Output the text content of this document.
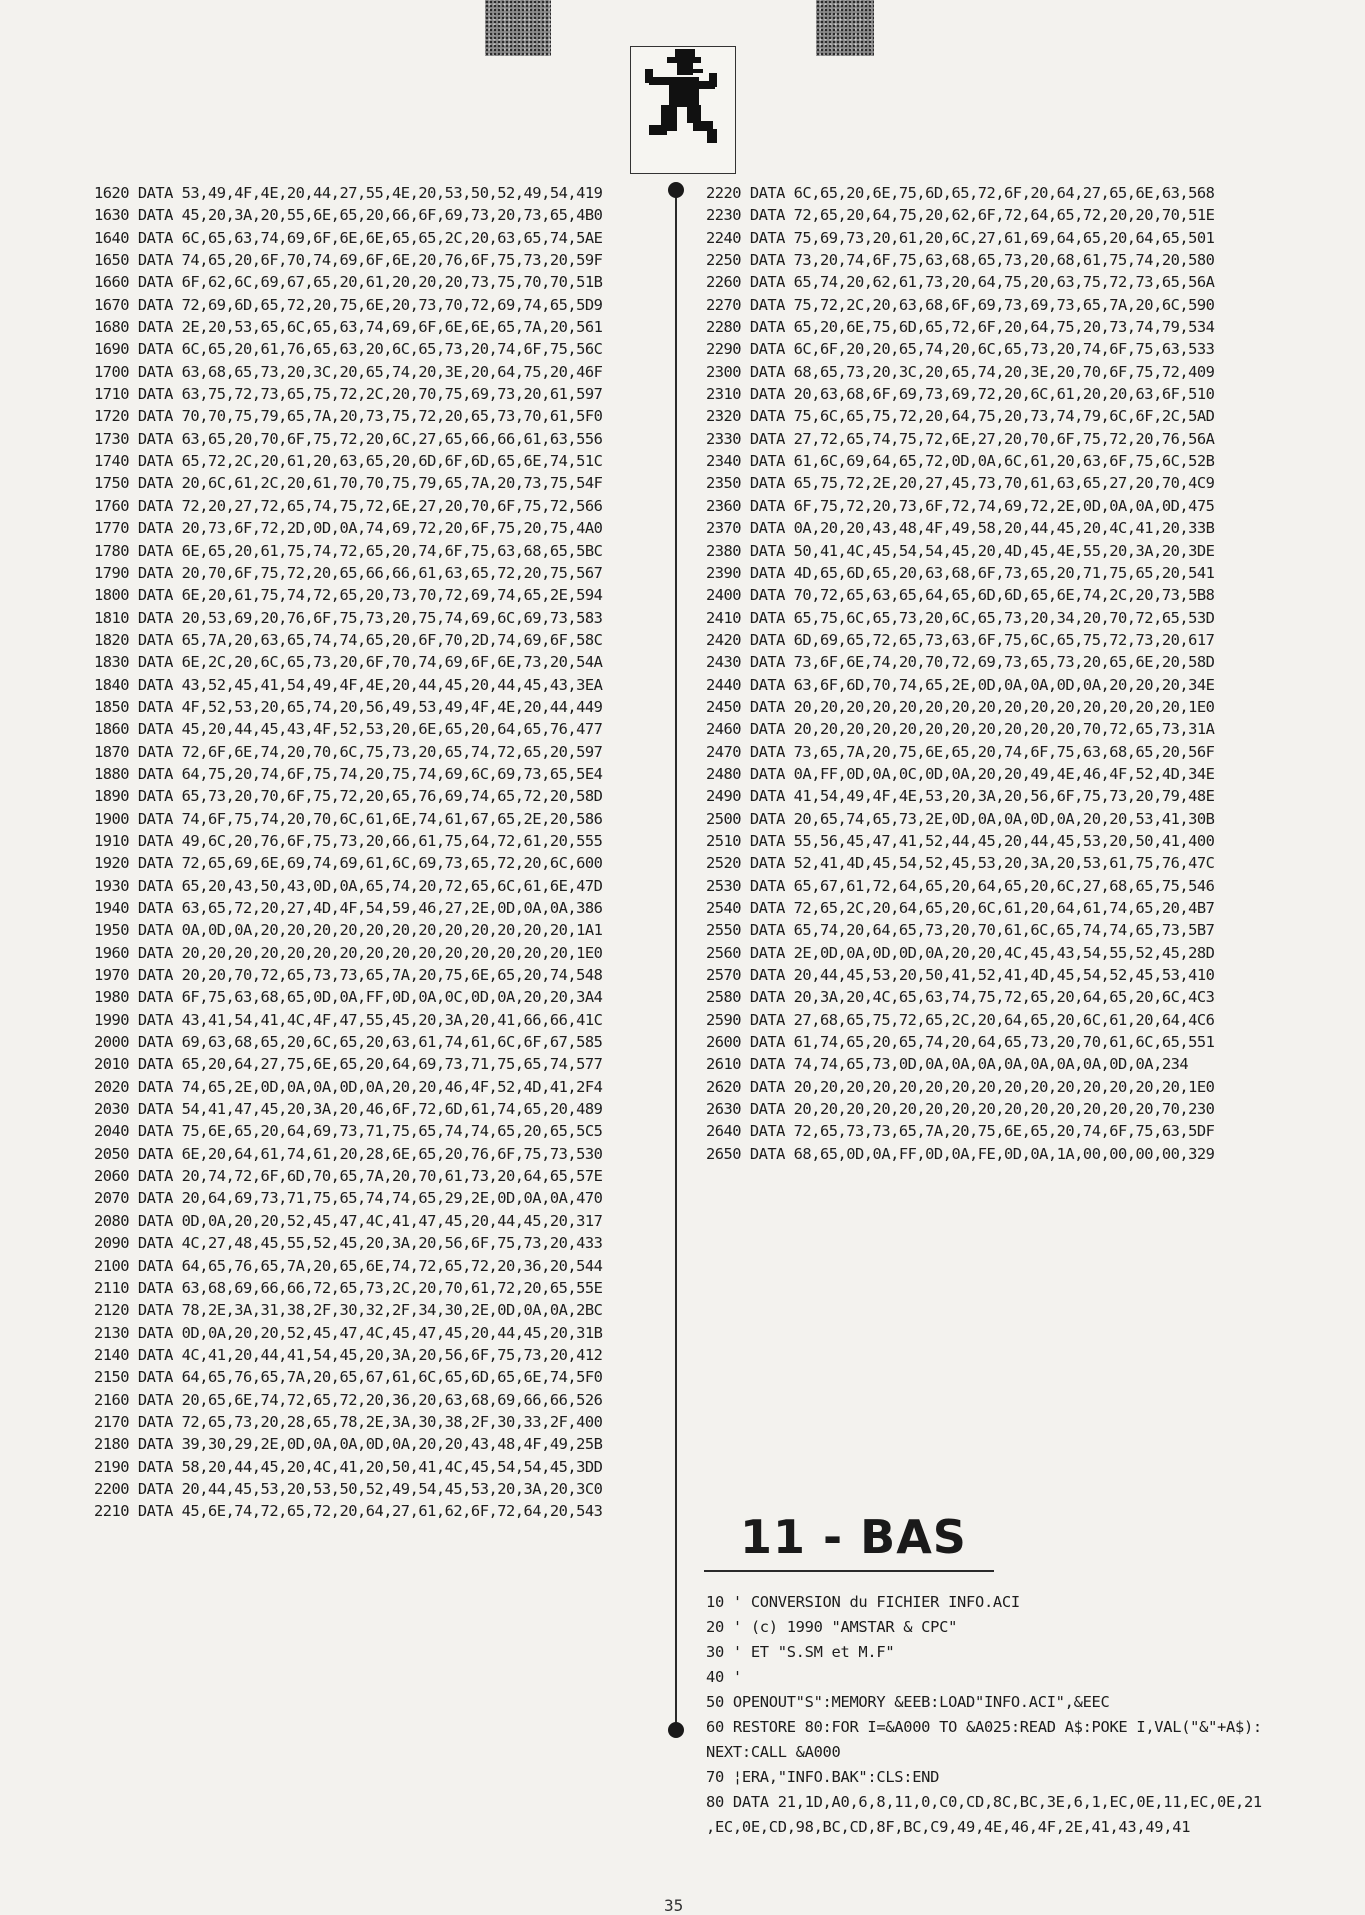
1620 DATA 53,49,4F,4E,20,44,27,55,4E,20,53,50,52,49,54,419
1630 DATA 45,20,3A,20,55,6E,65,20,66,6F,69,73,20,73,65,4B0
1640 DATA 6C,65,63,74,69,6F,6E,6E,65,65,2C,20,63,65,74,5AE
1650 DATA 74,65,20,6F,70,74,69,6F,6E,20,76,6F,75,73,20,59F
1660 DATA 6F,62,6C,69,67,65,20,61,20,20,20,73,75,70,70,51B
1670 DATA 72,69,6D,65,72,20,75,6E,20,73,70,72,69,74,65,5D9
1680 DATA 2E,20,53,65,6C,65,63,74,69,6F,6E,6E,65,7A,20,561
1690 DATA 6C,65,20,61,76,65,63,20,6C,65,73,20,74,6F,75,56C
1700 DATA 63,68,65,73,20,3C,20,65,74,20,3E,20,64,75,20,46F
1710 DATA 63,75,72,73,65,75,72,2C,20,70,75,69,73,20,61,597
1720 DATA 70,70,75,79,65,7A,20,73,75,72,20,65,73,70,61,5F0
1730 DATA 63,65,20,70,6F,75,72,20,6C,27,65,66,66,61,63,556
1740 DATA 65,72,2C,20,61,20,63,65,20,6D,6F,6D,65,6E,74,51C
1750 DATA 20,6C,61,2C,20,61,70,70,75,79,65,7A,20,73,75,54F
1760 DATA 72,20,27,72,65,74,75,72,6E,27,20,70,6F,75,72,566
1770 DATA 20,73,6F,72,2D,0D,0A,74,69,72,20,6F,75,20,75,4A0
1780 DATA 6E,65,20,61,75,74,72,65,20,74,6F,75,63,68,65,5BC
1790 DATA 20,70,6F,75,72,20,65,66,66,61,63,65,72,20,75,567
1800 DATA 6E,20,61,75,74,72,65,20,73,70,72,69,74,65,2E,594
1810 DATA 20,53,69,20,76,6F,75,73,20,75,74,69,6C,69,73,583
1820 DATA 65,7A,20,63,65,74,74,65,20,6F,70,2D,74,69,6F,58C
1830 DATA 6E,2C,20,6C,65,73,20,6F,70,74,69,6F,6E,73,20,54A
1840 DATA 43,52,45,41,54,49,4F,4E,20,44,45,20,44,45,43,3EA
1850 DATA 4F,52,53,20,65,74,20,56,49,53,49,4F,4E,20,44,449
1860 DATA 45,20,44,45,43,4F,52,53,20,6E,65,20,64,65,76,477
1870 DATA 72,6F,6E,74,20,70,6C,75,73,20,65,74,72,65,20,597
1880 DATA 64,75,20,74,6F,75,74,20,75,74,69,6C,69,73,65,5E4
1890 DATA 65,73,20,70,6F,75,72,20,65,76,69,74,65,72,20,58D
1900 DATA 74,6F,75,74,20,70,6C,61,6E,74,61,67,65,2E,20,586
1910 DATA 49,6C,20,76,6F,75,73,20,66,61,75,64,72,61,20,555
1920 DATA 72,65,69,6E,69,74,69,61,6C,69,73,65,72,20,6C,600
1930 DATA 65,20,43,50,43,0D,0A,65,74,20,72,65,6C,61,6E,47D
1940 DATA 63,65,72,20,27,4D,4F,54,59,46,27,2E,0D,0A,0A,386
1950 DATA 0A,0D,0A,20,20,20,20,20,20,20,20,20,20,20,20,1A1
1960 DATA 20,20,20,20,20,20,20,20,20,20,20,20,20,20,20,1E0
1970 DATA 20,20,70,72,65,73,73,65,7A,20,75,6E,65,20,74,548
1980 DATA 6F,75,63,68,65,0D,0A,FF,0D,0A,0C,0D,0A,20,20,3A4
1990 DATA 43,41,54,41,4C,4F,47,55,45,20,3A,20,41,66,66,41C
2000 DATA 69,63,68,65,20,6C,65,20,63,61,74,61,6C,6F,67,585
2010 DATA 65,20,64,27,75,6E,65,20,64,69,73,71,75,65,74,577
2020 DATA 74,65,2E,0D,0A,0A,0D,0A,20,20,46,4F,52,4D,41,2F4
2030 DATA 54,41,47,45,20,3A,20,46,6F,72,6D,61,74,65,20,489
2040 DATA 75,6E,65,20,64,69,73,71,75,65,74,74,65,20,65,5C5
2050 DATA 6E,20,64,61,74,61,20,28,6E,65,20,76,6F,75,73,530
2060 DATA 20,74,72,6F,6D,70,65,7A,20,70,61,73,20,64,65,57E
2070 DATA 20,64,69,73,71,75,65,74,74,65,29,2E,0D,0A,0A,470
2080 DATA 0D,0A,20,20,52,45,47,4C,41,47,45,20,44,45,20,317
2090 DATA 4C,27,48,45,55,52,45,20,3A,20,56,6F,75,73,20,433
2100 DATA 64,65,76,65,7A,20,65,6E,74,72,65,72,20,36,20,544
2110 DATA 63,68,69,66,66,72,65,73,2C,20,70,61,72,20,65,55E
2120 DATA 78,2E,3A,31,38,2F,30,32,2F,34,30,2E,0D,0A,0A,2BC
2130 DATA 0D,0A,20,20,52,45,47,4C,45,47,45,20,44,45,20,31B
2140 DATA 4C,41,20,44,41,54,45,20,3A,20,56,6F,75,73,20,412
2150 DATA 64,65,76,65,7A,20,65,67,61,6C,65,6D,65,6E,74,5F0
2160 DATA 20,65,6E,74,72,65,72,20,36,20,63,68,69,66,66,526
2170 DATA 72,65,73,20,28,65,78,2E,3A,30,38,2F,30,33,2F,400
2180 DATA 39,30,29,2E,0D,0A,0A,0D,0A,20,20,43,48,4F,49,25B
2190 DATA 58,20,44,45,20,4C,41,20,50,41,4C,45,54,54,45,3DD
2200 DATA 20,44,45,53,20,53,50,52,49,54,45,53,20,3A,20,3C0
2210 DATA 45,6E,74,72,65,72,20,64,27,61,62,6F,72,64,20,543
2220 DATA 6C,65,20,6E,75,6D,65,72,6F,20,64,27,65,6E,63,568
2230 DATA 72,65,20,64,75,20,62,6F,72,64,65,72,20,20,70,51E
2240 DATA 75,69,73,20,61,20,6C,27,61,69,64,65,20,64,65,501
2250 DATA 73,20,74,6F,75,63,68,65,73,20,68,61,75,74,20,580
2260 DATA 65,74,20,62,61,73,20,64,75,20,63,75,72,73,65,56A
2270 DATA 75,72,2C,20,63,68,6F,69,73,69,73,65,7A,20,6C,590
2280 DATA 65,20,6E,75,6D,65,72,6F,20,64,75,20,73,74,79,534
2290 DATA 6C,6F,20,20,65,74,20,6C,65,73,20,74,6F,75,63,533
2300 DATA 68,65,73,20,3C,20,65,74,20,3E,20,70,6F,75,72,409
2310 DATA 20,63,68,6F,69,73,69,72,20,6C,61,20,20,63,6F,510
2320 DATA 75,6C,65,75,72,20,64,75,20,73,74,79,6C,6F,2C,5AD
2330 DATA 27,72,65,74,75,72,6E,27,20,70,6F,75,72,20,76,56A
2340 DATA 61,6C,69,64,65,72,0D,0A,6C,61,20,63,6F,75,6C,52B
2350 DATA 65,75,72,2E,20,27,45,73,70,61,63,65,27,20,70,4C9
2360 DATA 6F,75,72,20,73,6F,72,74,69,72,2E,0D,0A,0A,0D,475
2370 DATA 0A,20,20,43,48,4F,49,58,20,44,45,20,4C,41,20,33B
2380 DATA 50,41,4C,45,54,54,45,20,4D,45,4E,55,20,3A,20,3DE
2390 DATA 4D,65,6D,65,20,63,68,6F,73,65,20,71,75,65,20,541
2400 DATA 70,72,65,63,65,64,65,6D,6D,65,6E,74,2C,20,73,5B8
2410 DATA 65,75,6C,65,73,20,6C,65,73,20,34,20,70,72,65,53D
2420 DATA 6D,69,65,72,65,73,63,6F,75,6C,65,75,72,73,20,617
2430 DATA 73,6F,6E,74,20,70,72,69,73,65,73,20,65,6E,20,58D
2440 DATA 63,6F,6D,70,74,65,2E,0D,0A,0A,0D,0A,20,20,20,34E
2450 DATA 20,20,20,20,20,20,20,20,20,20,20,20,20,20,20,1E0
2460 DATA 20,20,20,20,20,20,20,20,20,20,20,70,72,65,73,31A
2470 DATA 73,65,7A,20,75,6E,65,20,74,6F,75,63,68,65,20,56F
2480 DATA 0A,FF,0D,0A,0C,0D,0A,20,20,49,4E,46,4F,52,4D,34E
2490 DATA 41,54,49,4F,4E,53,20,3A,20,56,6F,75,73,20,79,48E
2500 DATA 20,65,74,65,73,2E,0D,0A,0A,0D,0A,20,20,53,41,30B
2510 DATA 55,56,45,47,41,52,44,45,20,44,45,53,20,50,41,400
2520 DATA 52,41,4D,45,54,52,45,53,20,3A,20,53,61,75,76,47C
2530 DATA 65,67,61,72,64,65,20,64,65,20,6C,27,68,65,75,546
2540 DATA 72,65,2C,20,64,65,20,6C,61,20,64,61,74,65,20,4B7
2550 DATA 65,74,20,64,65,73,20,70,61,6C,65,74,74,65,73,5B7
2560 DATA 2E,0D,0A,0D,0D,0A,20,20,4C,45,43,54,55,52,45,28D
2570 DATA 20,44,45,53,20,50,41,52,41,4D,45,54,52,45,53,410
2580 DATA 20,3A,20,4C,65,63,74,75,72,65,20,64,65,20,6C,4C3
2590 DATA 27,68,65,75,72,65,2C,20,64,65,20,6C,61,20,64,4C6
2600 DATA 61,74,65,20,65,74,20,64,65,73,20,70,61,6C,65,551
2610 DATA 74,74,65,73,0D,0A,0A,0A,0A,0A,0A,0A,0D,0A,234
2620 DATA 20,20,20,20,20,20,20,20,20,20,20,20,20,20,20,1E0
2630 DATA 20,20,20,20,20,20,20,20,20,20,20,20,20,20,70,230
2640 DATA 72,65,73,73,65,7A,20,75,6E,65,20,74,6F,75,63,5DF
2650 DATA 68,65,0D,0A,FF,0D,0A,FE,0D,0A,1A,00,00,00,00,329
11 - BAS
10 ' CONVERSION du FICHIER INFO.ACI
20 ' (c) 1990 "AMSTAR & CPC"
30 ' ET "S.SM et M.F"
40 '
50 OPENOUT"S":MEMORY &EEB:LOAD"INFO.ACI",&EEC
60 RESTORE 80:FOR I=&A000 TO &A025:READ A$:POKE I,VAL("&"+A$):
NEXT:CALL &A000
70 ¦ERA,"INFO.BAK":CLS:END
80 DATA 21,1D,A0,6,8,11,0,C0,CD,8C,BC,3E,6,1,EC,0E,11,EC,0E,21
,EC,0E,CD,98,BC,CD,8F,BC,C9,49,4E,46,4F,2E,41,43,49,41
35
